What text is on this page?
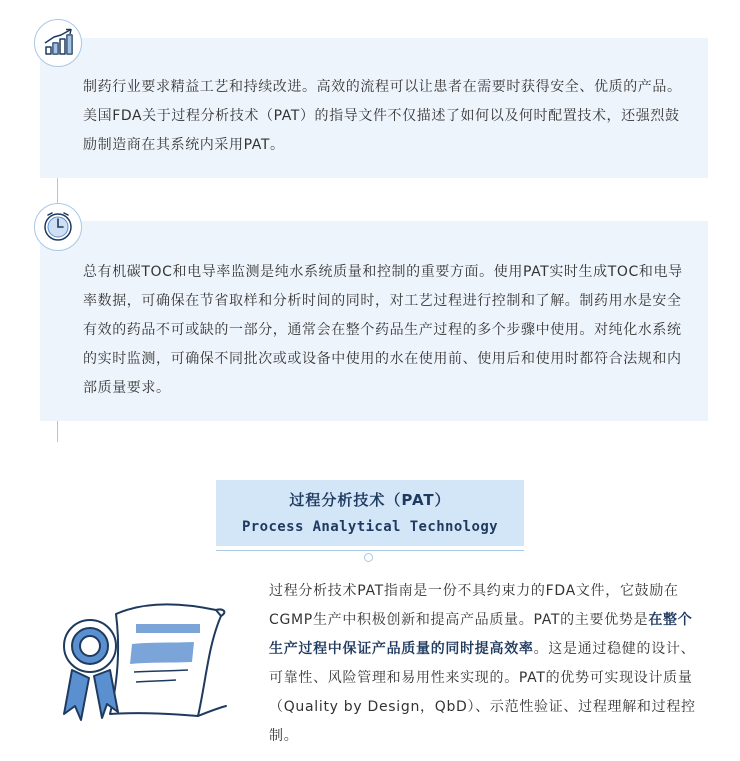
制药行业要求精益工艺和持续改进。高效的流程可以让患者在需要时获得安全、优质的产品。美国FDA关于过程分析技术（PAT）的指导文件不仅描述了如何以及何时配置技术，还强烈鼓励制造商在其系统内采用PAT。

总有机碳TOC和电导率监测是纯水系统质量和控制的重要方面。使用PAT实时生成TOC和电导率数据，可确保在节省取样和分析时间的同时，对工艺过程进行控制和了解。制药用水是安全有效的药品不可或缺的一部分，通常会在整个药品生产过程的多个步骤中使用。对纯化水系统的实时监测，可确保不同批次或或设备中使用的水在使用前、使用后和使用时都符合法规和内部质量要求。

过程分析技术（PAT）
Process Analytical Technology

过程分析技术PAT指南是一份不具约束力的FDA文件，它鼓励在CGMP生产中积极创新和提高产品质量。PAT的主要优势是在整个生产过程中保证产品质量的同时提高效率。这是通过稳健的设计、可靠性、风险管理和易用性来实现的。PAT的优势可实现设计质量（Quality by Design，QbD）、示范性验证、过程理解和过程控制。
